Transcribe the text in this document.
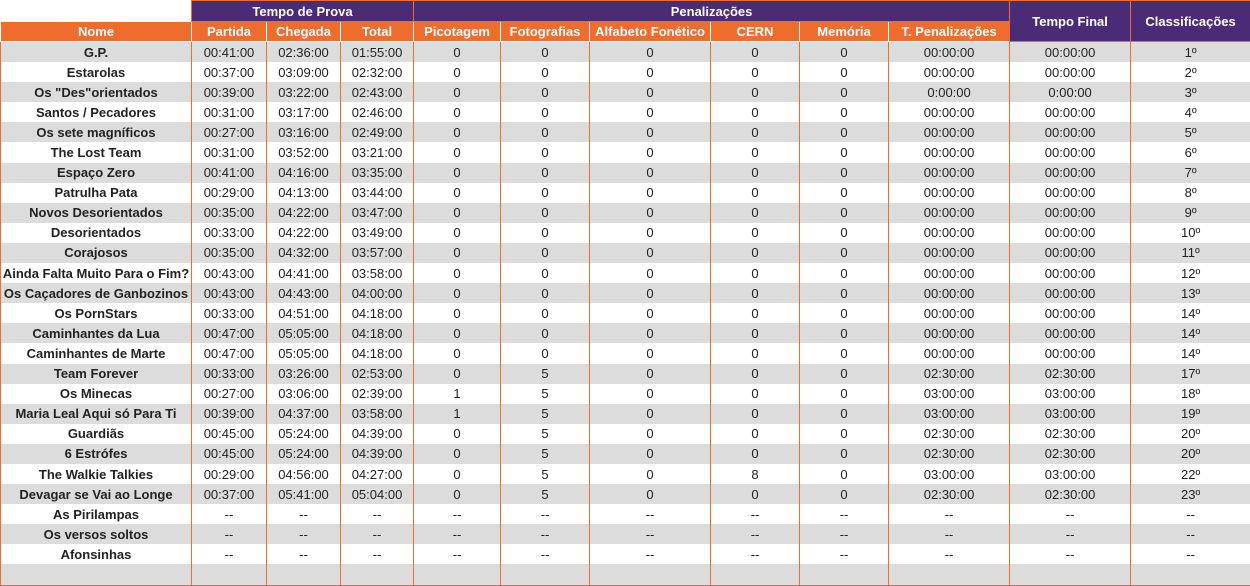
	Tempo de Prova			Penalizações						Tempo Final	Classificações
Nome	Partida	Chegada	Total	Picotagem	Fotografias	Alfabeto Fonético	CERN	Memória	T. Penalizações		
G.P.	00:41:00	02:36:00	01:55:00	0	0	0	0	0	00:00:00	00:00:00	1º
Estarolas	00:37:00	03:09:00	02:32:00	0	0	0	0	0	00:00:00	00:00:00	2º
Os "Des"orientados	00:39:00	03:22:00	02:43:00	0	0	0	0	0	0:00:00	0:00:00	3º
Santos / Pecadores	00:31:00	03:17:00	02:46:00	0	0	0	0	0	00:00:00	00:00:00	4º
Os sete magníficos	00:27:00	03:16:00	02:49:00	0	0	0	0	0	00:00:00	00:00:00	5º
The Lost Team	00:31:00	03:52:00	03:21:00	0	0	0	0	0	00:00:00	00:00:00	6º
Espaço Zero	00:41:00	04:16:00	03:35:00	0	0	0	0	0	00:00:00	00:00:00	7º
Patrulha Pata	00:29:00	04:13:00	03:44:00	0	0	0	0	0	00:00:00	00:00:00	8º
Novos Desorientados	00:35:00	04:22:00	03:47:00	0	0	0	0	0	00:00:00	00:00:00	9º
Desorientados	00:33:00	04:22:00	03:49:00	0	0	0	0	0	00:00:00	00:00:00	10º
Corajosos	00:35:00	04:32:00	03:57:00	0	0	0	0	0	00:00:00	00:00:00	11º
Ainda Falta Muito Para o Fim?	00:43:00	04:41:00	03:58:00	0	0	0	0	0	00:00:00	00:00:00	12º
Os Caçadores de Ganbozinos	00:43:00	04:43:00	04:00:00	0	0	0	0	0	00:00:00	00:00:00	13º
Os PornStars	00:33:00	04:51:00	04:18:00	0	0	0	0	0	00:00:00	00:00:00	14º
Caminhantes da Lua	00:47:00	05:05:00	04:18:00	0	0	0	0	0	00:00:00	00:00:00	14º
Caminhantes de Marte	00:47:00	05:05:00	04:18:00	0	0	0	0	0	00:00:00	00:00:00	14º
Team Forever	00:33:00	03:26:00	02:53:00	0	5	0	0	0	02:30:00	02:30:00	17º
Os Minecas	00:27:00	03:06:00	02:39:00	1	5	0	0	0	03:00:00	03:00:00	18º
Maria Leal Aqui só Para Ti	00:39:00	04:37:00	03:58:00	1	5	0	0	0	03:00:00	03:00:00	19º
Guardiãs	00:45:00	05:24:00	04:39:00	0	5	0	0	0	02:30:00	02:30:00	20º
6 Estrófes	00:45:00	05:24:00	04:39:00	0	5	0	0	0	02:30:00	02:30:00	20º
The Walkie Talkies	00:29:00	04:56:00	04:27:00	0	5	0	8	0	03:00:00	03:00:00	22º
Devagar se Vai ao Longe	00:37:00	05:41:00	05:04:00	0	5	0	0	0	02:30:00	02:30:00	23º
As Pirilampas	--	--	--	--	--	--	--	--	--	--	--
Os versos soltos	--	--	--	--	--	--	--	--	--	--	--
Afonsinhas	--	--	--	--	--	--	--	--	--	--	--
